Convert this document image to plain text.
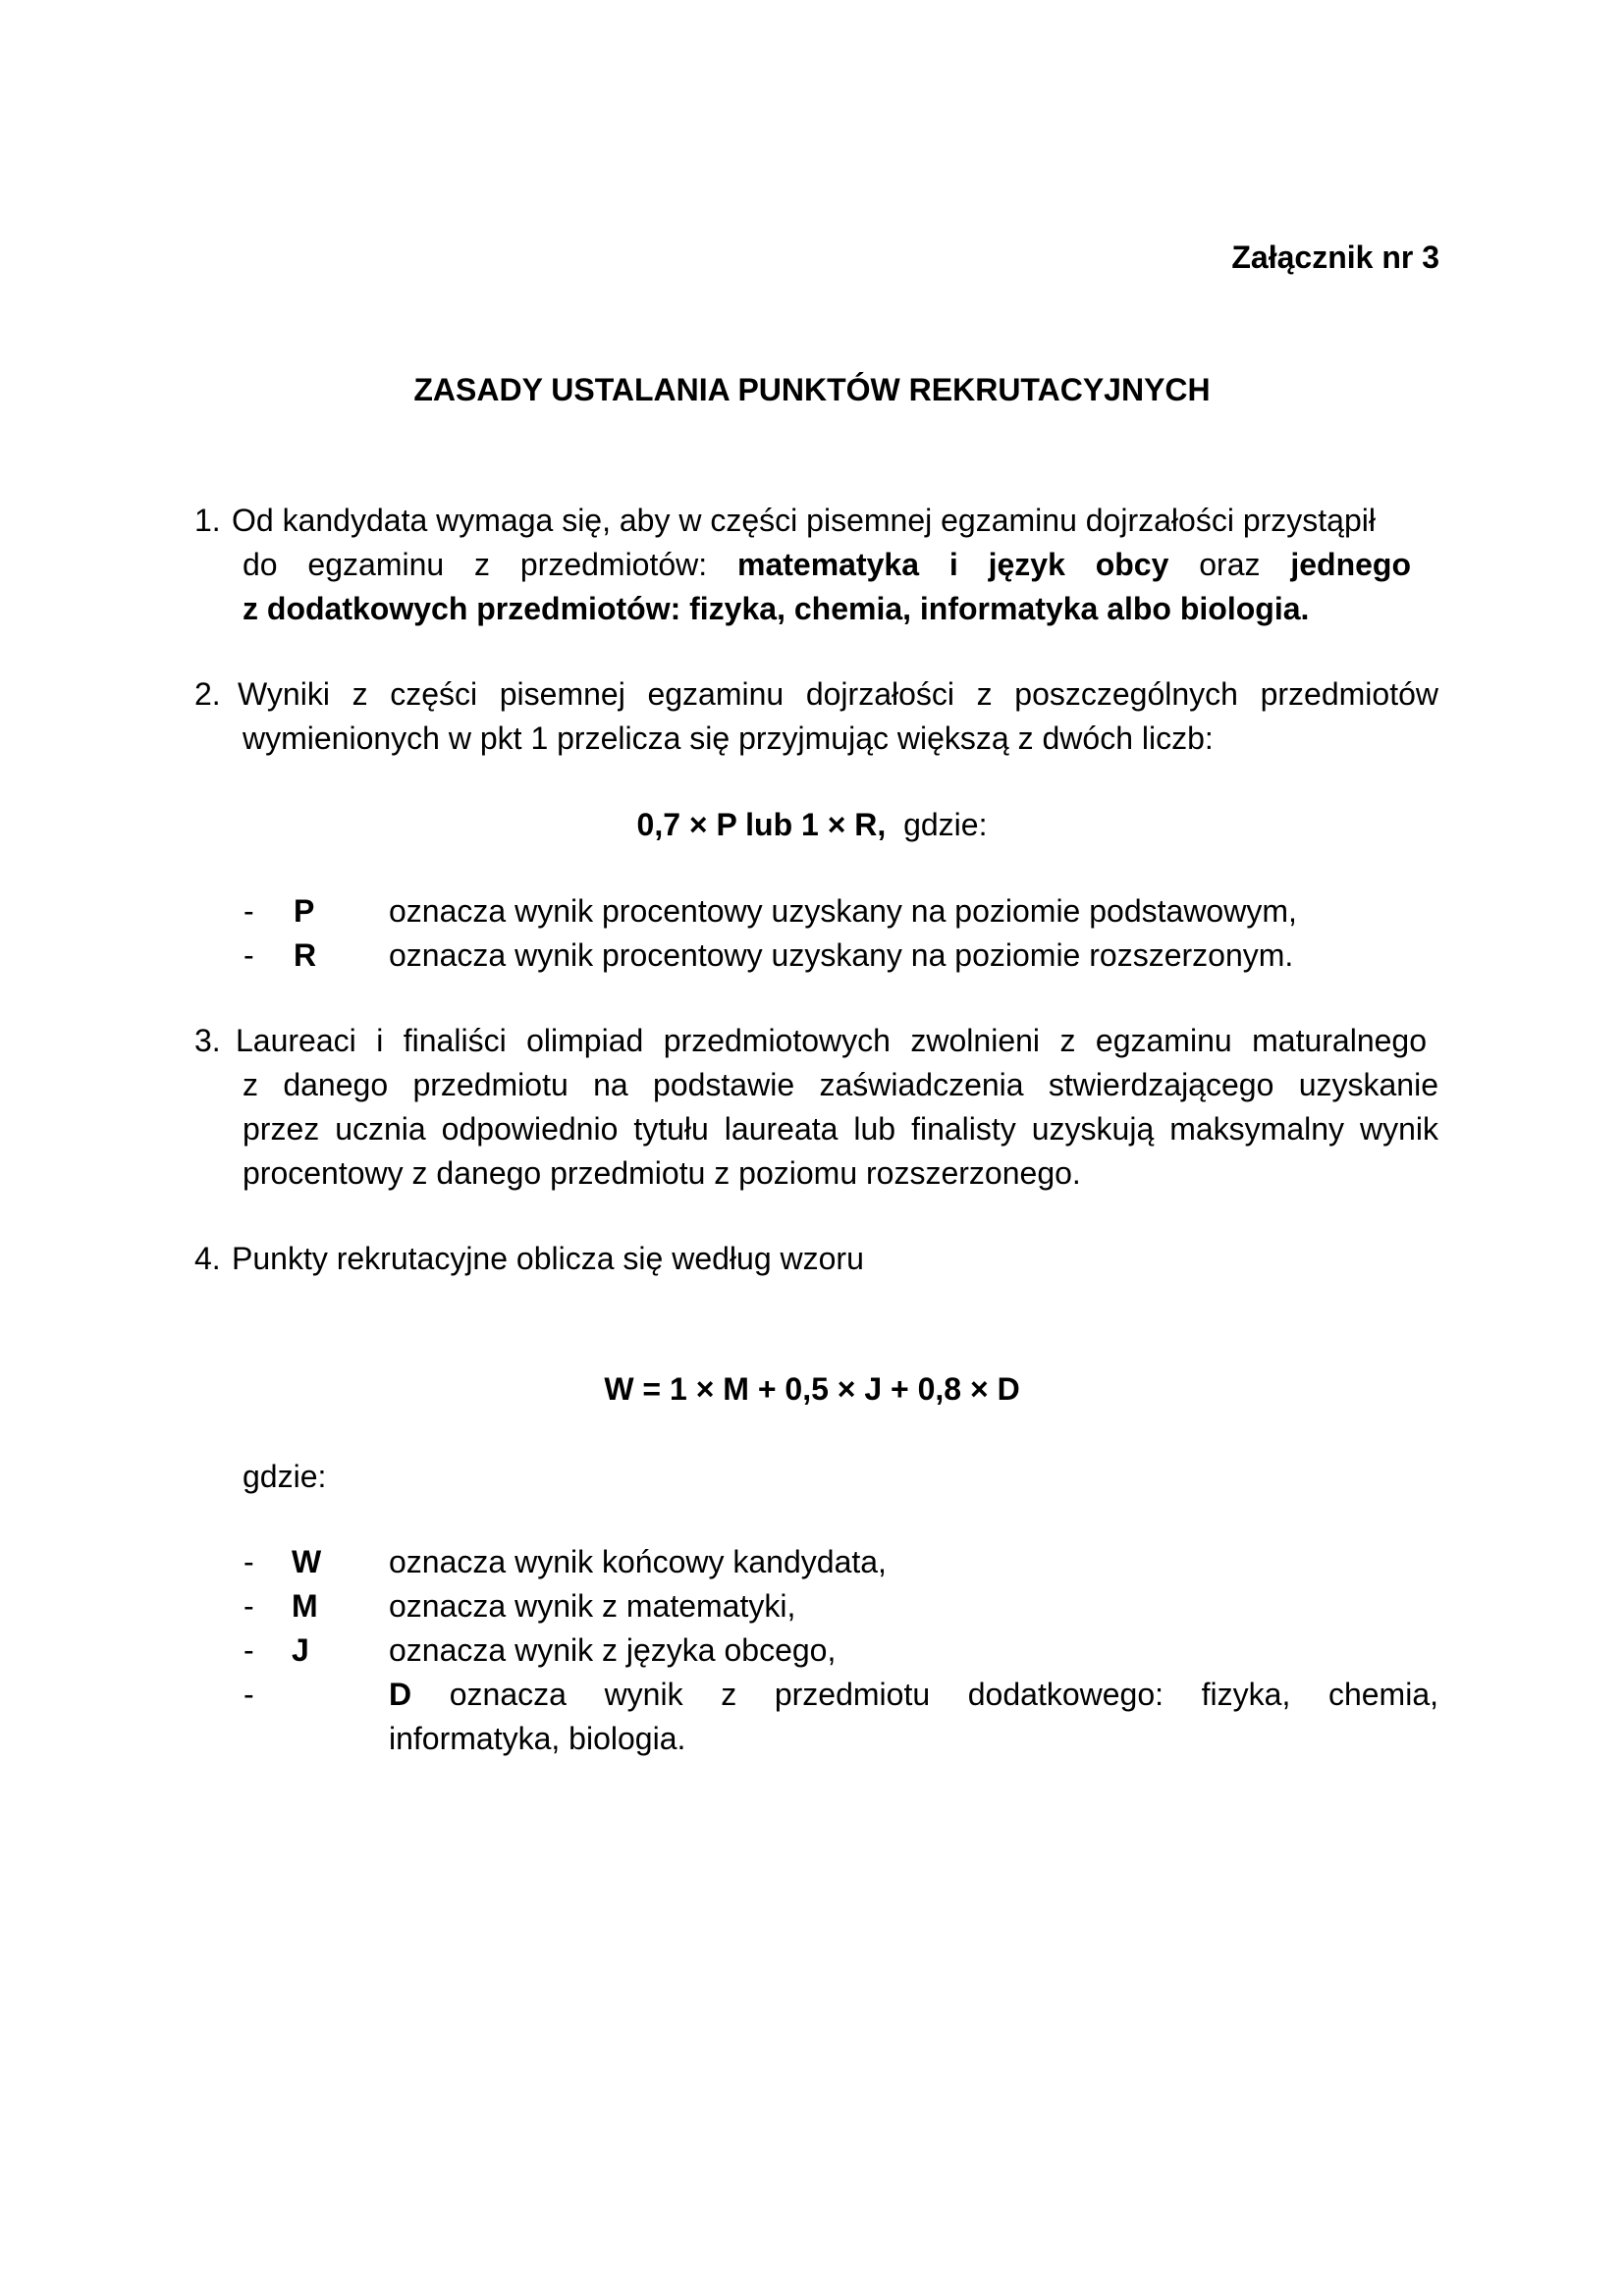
Załącznik nr 3
ZASADY USTALANIA PUNKTÓW REKRUTACYJNYCH
1. Od kandydata wymaga się, aby w części pisemnej egzaminu dojrzałości przystąpił
do egzaminu z przedmiotów: matematyka i język obcy oraz jednego
z dodatkowych przedmiotów: fizyka, chemia, informatyka albo biologia.
2. Wyniki z części pisemnej egzaminu dojrzałości z poszczególnych przedmiotów
wymienionych w pkt 1 przelicza się przyjmując większą z dwóch liczb:
0,7 × P lub 1 × R, gdzie:
- P oznacza wynik procentowy uzyskany na poziomie podstawowym,
- R oznacza wynik procentowy uzyskany na poziomie rozszerzonym.
3. Laureaci i finaliści olimpiad przedmiotowych zwolnieni z egzaminu maturalnego
z danego przedmiotu na podstawie zaświadczenia stwierdzającego uzyskanie
przez ucznia odpowiednio tytułu laureata lub finalisty uzyskują maksymalny wynik
procentowy z danego przedmiotu z poziomu rozszerzonego.
4. Punkty rekrutacyjne oblicza się według wzoru
W = 1 × M + 0,5 × J + 0,8 × D
gdzie:
- W oznacza wynik końcowy kandydata,
- M oznacza wynik z matematyki,
- J	oznacza wynik z języka obcego,
-	D oznacza wynik z przedmiotu dodatkowego: fizyka, chemia,
informatyka, biologia.
